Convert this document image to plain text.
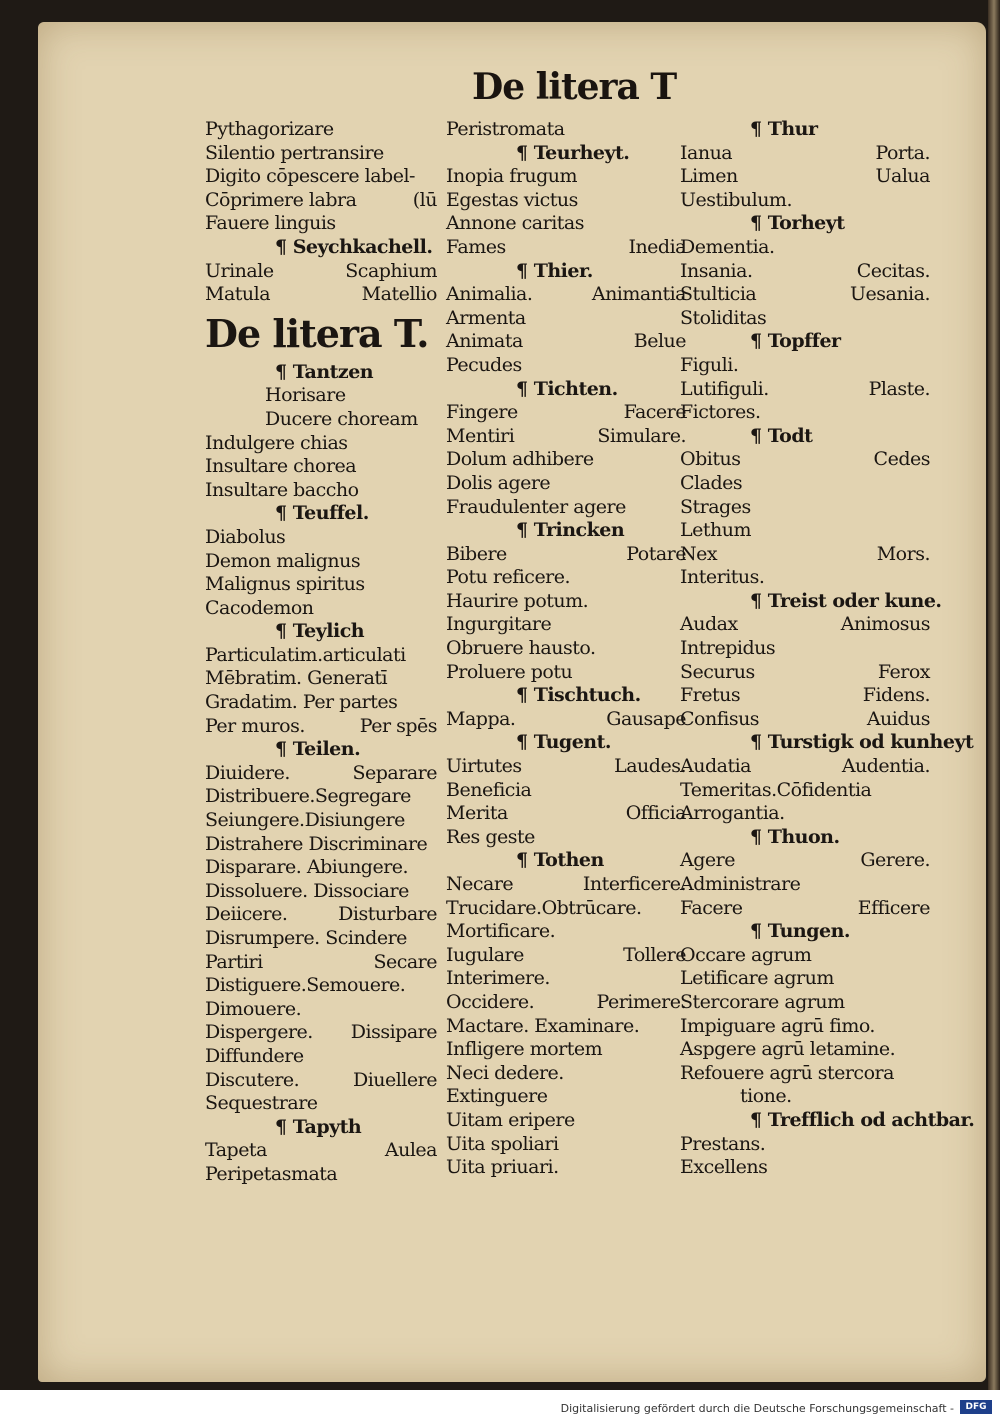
De litera T
Pythagorizare
Silentio pertransire
Digito cōpescere label-
Cōprimere labra	(lū
Fauere linguis
¶ Seychkachell.
Urinale	Scaphium
Matula	Matellio
De litera T.
¶ Tantzen
Horisare
Ducere choream
Indulgere chias
Insultare chorea
Insultare baccho
¶ Teuffel.
Diabolus
Demon malignus
Malignus spiritus
Cacodemon
¶ Teylich
Particulatim.articulati
Mēbratim. Generatī
Gradatim. Per partes
Per muros.	Per spēs
¶ Teilen.
Diuidere.	Separare
Distribuere.Segregare
Seiungere.Disiungere
Distrahere Discriminare
Disparare. Abiungere.
Dissoluere. Dissociare
Deiicere.	Disturbare
Disrumpere. Scindere
Partiri	Secare
Distiguere.Semouere.
Dimouere.
Dispergere. Dissipare
Diffundere
Discutere.	Diuellere
Sequestrare
¶ Tapyth
Tapeta	Aulea
Peripetasmata
Peristromata
¶ Teurheyt.
Inopia frugum
Egestas victus
Annone caritas
Fames	Inedia
¶ Thier.
Animalia.	Animantia
Armenta
Animata	Belue
Pecudes
¶ Tichten.
Fingere	Facere
Mentiri	Simulare.
Dolum adhibere
Dolis agere
Fraudulenter agere
¶ Trincken
Bibere	Potare
Potu reficere.
Haurire potum.
Ingurgitare
Obruere hausto.
Proluere potu
¶ Tischtuch.
Mappa.	Gausape
¶ Tugent.
Uirtutes	Laudes.
Beneficia
Merita	Officia
Res geste
¶ Tothen
Necare	Interficere.
Trucidare.Obtrūcare.
Mortificare.
Iugulare	Tollere
Interimere.
Occidere.	Perimere.
Mactare. Examinare.
Infligere mortem
Neci dedere.
Extinguere
Uitam eripere
Uita spoliari
Uita priuari.
¶ Thur
Ianua	Porta.
Limen	Ualua
Uestibulum.
¶ Torheyt
Dementia.
Insania.	Cecitas.
Stulticia	Uesania.
Stoliditas
¶ Topffer
Figuli.
Lutifiguli.	Plaste.
Fictores.
¶ Todt
Obitus	Cedes
Clades
Strages
Lethum
Nex	Mors.
Interitus.
¶ Treist oder kune.
Audax	Animosus
Intrepidus
Securus	Ferox
Fretus	Fidens.
Confisus	Auidus
¶ Turstigk od kunheyt
Audatia	Audentia.
Temeritas.Cōfidentia
Arrogantia.
¶ Thuon.
Agere	Gerere.
Administrare
Facere	Efficere
¶ Tungen.
Occare agrum
Letificare agrum
Stercorare agrum
Impiguare agrū fimo.
Aspgere agrū letamine.
Refouere agrū stercora
tione.
¶ Trefflich od achtbar.
Prestans.
Excellens
Digitalisierung gefördert durch die Deutsche Forschungsgemeinschaft -	DFG
